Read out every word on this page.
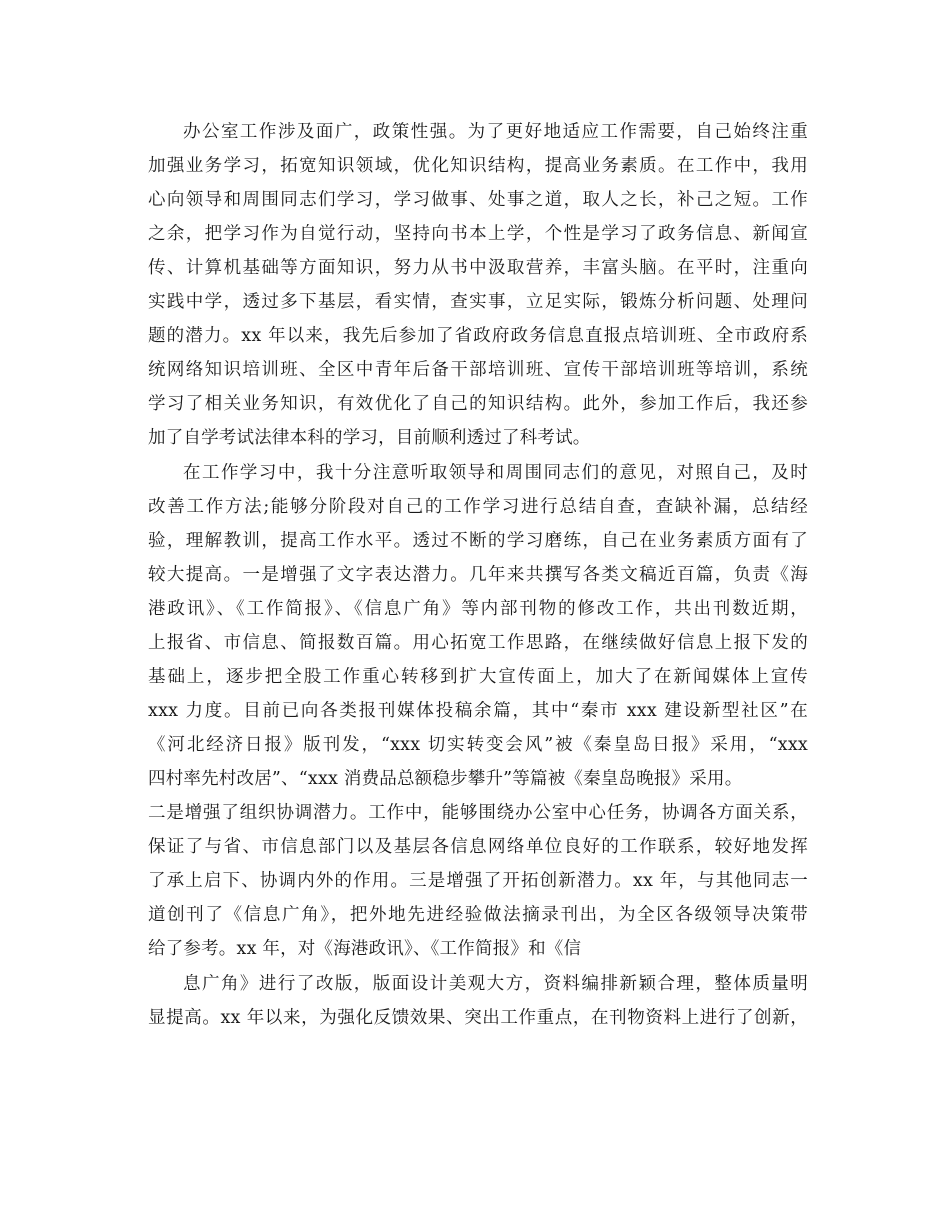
办公室工作涉及面广，政策性强。为了更好地适应工作需要，自己始终注重
加强业务学习，拓宽知识领域，优化知识结构，提高业务素质。在工作中，我用
心向领导和周围同志们学习，学习做事、处事之道，取人之长，补己之短。工作
之余，把学习作为自觉行动，坚持向书本上学，个性是学习了政务信息、新闻宣
传、计算机基础等方面知识，努力从书中汲取营养，丰富头脑。在平时，注重向
实践中学，透过多下基层，看实情，查实事，立足实际，锻炼分析问题、处理问
题的潜力。xx 年以来，我先后参加了省政府政务信息直报点培训班、全市政府系
统网络知识培训班、全区中青年后备干部培训班、宣传干部培训班等培训，系统
学习了相关业务知识，有效优化了自己的知识结构。此外，参加工作后，我还参
加了自学考试法律本科的学习，目前顺利透过了科考试。
在工作学习中，我十分注意听取领导和周围同志们的意见，对照自己，及时
改善工作方法;能够分阶段对自己的工作学习进行总结自查，查缺补漏，总结经
验，理解教训，提高工作水平。透过不断的学习磨练，自己在业务素质方面有了
较大提高。一是增强了文字表达潜力。几年来共撰写各类文稿近百篇，负责《海
港政讯》、《工作简报》、《信息广角》等内部刊物的修改工作，共出刊数近期，
上报省、市信息、简报数百篇。用心拓宽工作思路，在继续做好信息上报下发的
基础上，逐步把全股工作重心转移到扩大宣传面上，加大了在新闻媒体上宣传
xxx 力度。目前已向各类报刊媒体投稿余篇，其中“秦市 xxx 建设新型社区”在
《河北经济日报》版刊发，“xxx 切实转变会风”被《秦皇岛日报》采用，“xxx
四村率先村改居”、“xxx 消费品总额稳步攀升”等篇被《秦皇岛晚报》采用。
二是增强了组织协调潜力。工作中，能够围绕办公室中心任务，协调各方面关系，
保证了与省、市信息部门以及基层各信息网络单位良好的工作联系，较好地发挥
了承上启下、协调内外的作用。三是增强了开拓创新潜力。xx 年，与其他同志一
道创刊了《信息广角》，把外地先进经验做法摘录刊出，为全区各级领导决策带
给了参考。xx 年，对《海港政讯》、《工作简报》和《信
息广角》进行了改版，版面设计美观大方，资料编排新颖合理，整体质量明
显提高。xx 年以来，为强化反馈效果、突出工作重点，在刊物资料上进行了创新，
